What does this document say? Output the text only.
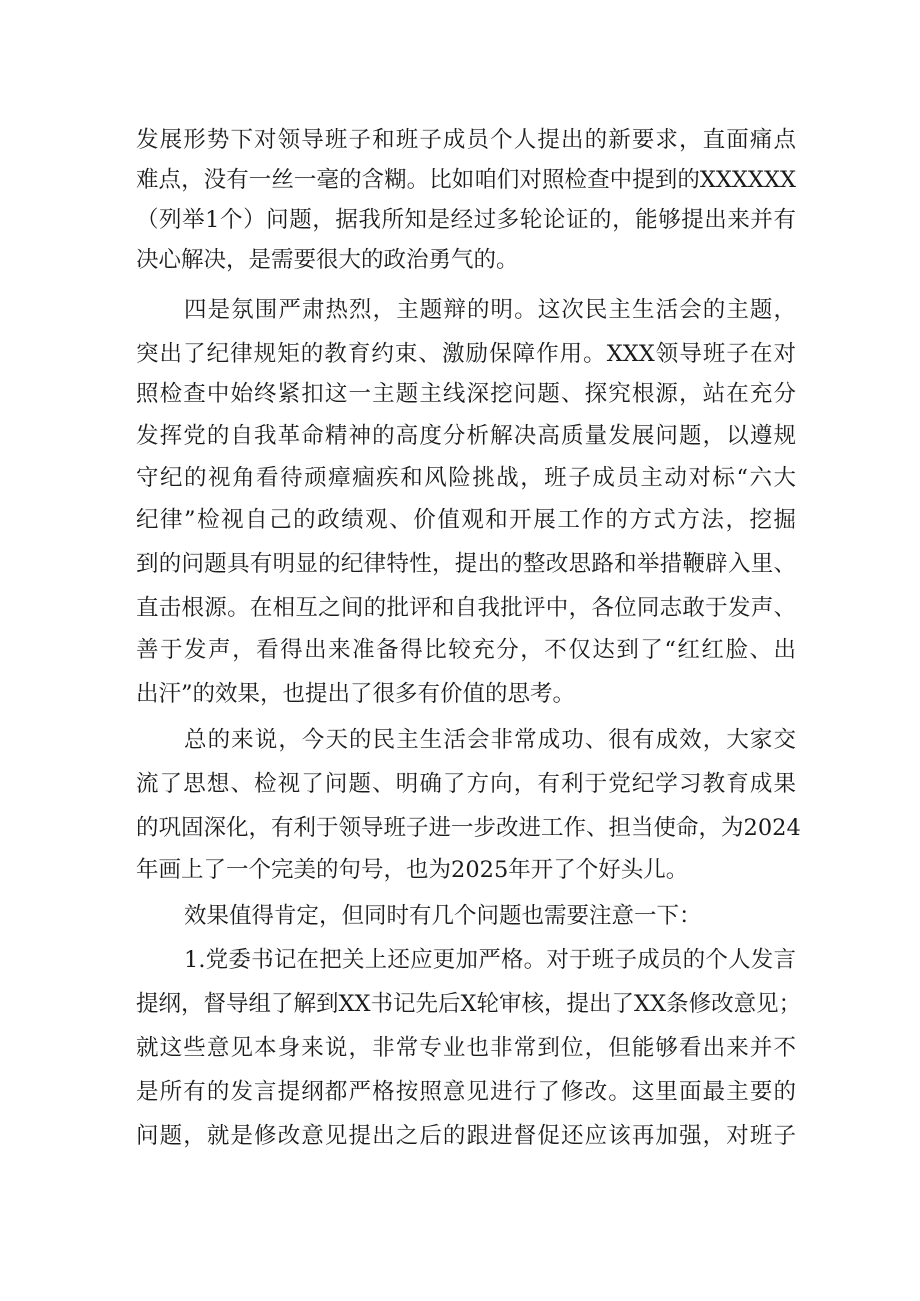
发展形势下对领导班子和班子成员个人提出的新要求，直面痛点
难点，没有一丝一毫的含糊。比如咱们对照检查中提到的XXXXXX
（列举1个）问题，据我所知是经过多轮论证的，能够提出来并有
决心解决，是需要很大的政治勇气的。
四是氛围严肃热烈，主题辩的明。这次民主生活会的主题，
突出了纪律规矩的教育约束、激励保障作用。XXX领导班子在对
照检查中始终紧扣这一主题主线深挖问题、探究根源，站在充分
发挥党的自我革命精神的高度分析解决高质量发展问题，以遵规
守纪的视角看待顽瘴痼疾和风险挑战，班子成员主动对标“六大
纪律”检视自己的政绩观、价值观和开展工作的方式方法，挖掘
到的问题具有明显的纪律特性，提出的整改思路和举措鞭辟入里、
直击根源。在相互之间的批评和自我批评中，各位同志敢于发声、
善于发声，看得出来准备得比较充分，不仅达到了“红红脸、出
出汗”的效果，也提出了很多有价值的思考。
总的来说，今天的民主生活会非常成功、很有成效，大家交
流了思想、检视了问题、明确了方向，有利于党纪学习教育成果
的巩固深化，有利于领导班子进一步改进工作、担当使命，为2024
年画上了一个完美的句号，也为2025年开了个好头儿。
效果值得肯定，但同时有几个问题也需要注意一下：
1.党委书记在把关上还应更加严格。对于班子成员的个人发言
提纲，督导组了解到XX书记先后X轮审核，提出了XX条修改意见；
就这些意见本身来说，非常专业也非常到位，但能够看出来并不
是所有的发言提纲都严格按照意见进行了修改。这里面最主要的
问题，就是修改意见提出之后的跟进督促还应该再加强，对班子
